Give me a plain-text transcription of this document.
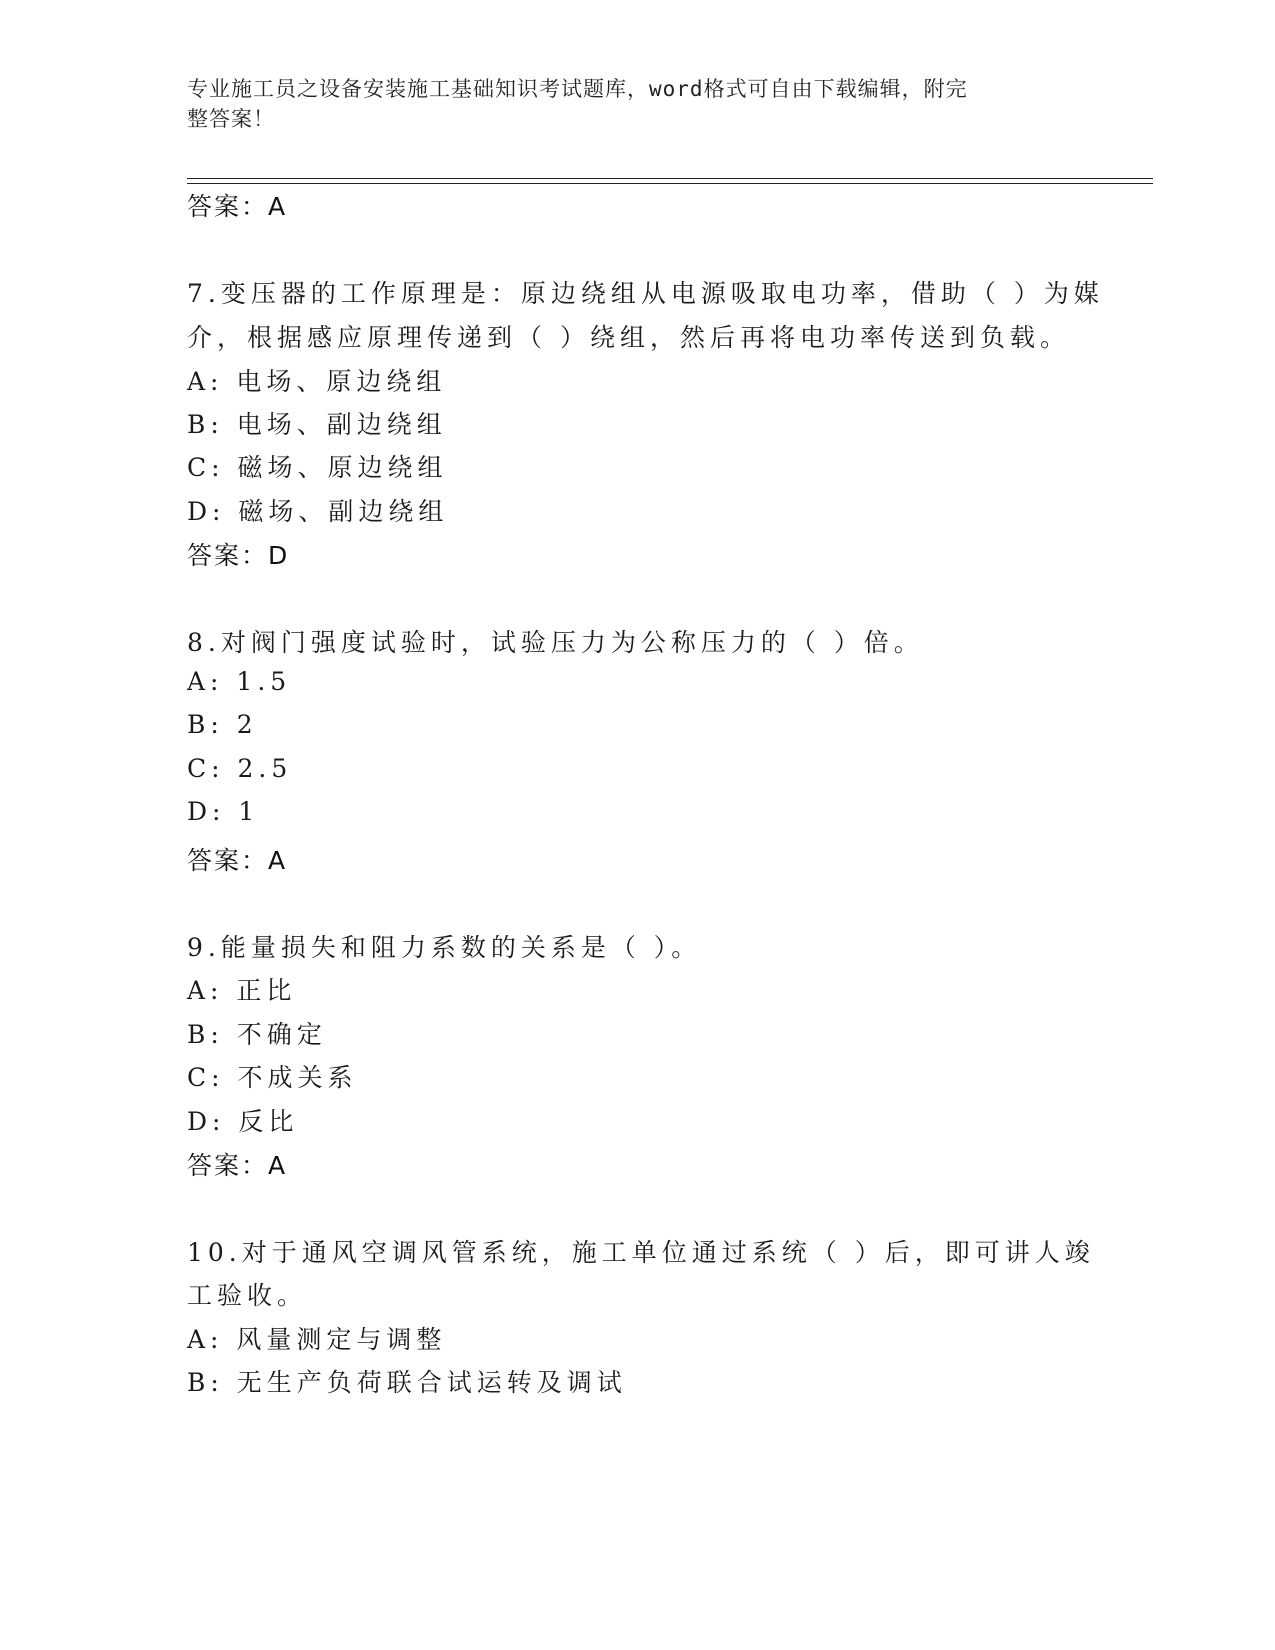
专业施工员之设备安装施工基础知识考试题库，word格式可自由下载编辑，附完
整答案！
答案：A
7.变压器的工作原理是：原边绕组从电源吸取电功率，借助（ ）为媒
介，根据感应原理传递到（ ）绕组，然后再将电功率传送到负载。
A: 电场、原边绕组
B: 电场、副边绕组
C: 磁场、原边绕组
D: 磁场、副边绕组
答案：D
8.对阀门强度试验时，试验压力为公称压力的（ ）倍。
A: 1.5
B: 2
C: 2.5
D: 1
答案：A
9.能量损失和阻力系数的关系是（ ）。
A: 正比
B: 不确定
C: 不成关系
D: 反比
答案：A
10.对于通风空调风管系统，施工单位通过系统（ ）后，即可讲人竣
工验收。
A: 风量测定与调整
B: 无生产负荷联合试运转及调试
